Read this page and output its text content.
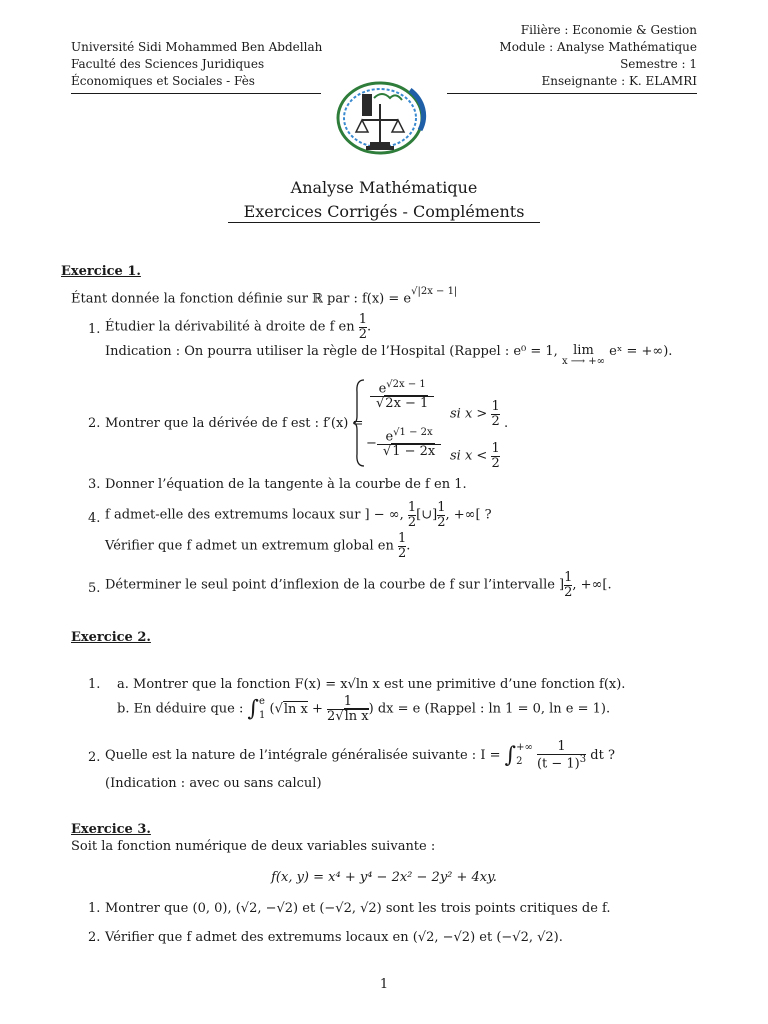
Université Sidi Mohammed Ben Abdellah
Faculté des Sciences Juridiques
Économiques et Sociales - Fès
Filière : Economie & Gestion
Module : Analyse Mathématique
Semestre : 1
Enseignante : K. ELAMRI
Analyse Mathématique
Exercices Corrigés - Compléments
Exercice 1.
Étant donnée la fonction définie sur ℝ par : $f(x) = e^{√|2x - 1|}$
1. Étudier la dérivabilité à droite de f en $\frac{1}{2}$ .
Indication : On pourra utiliser la règle de l’Hospital (Rappel : e⁰ = 1,	lim
x ⟶ +∞
eˣ = +∞).
2. Montrer que la dérivée de f est : f′(x) =
$\frac{e^{√2x - 1}}{√2x - 1}$
si $x > \frac{1}{2}$
− $\frac{e^{√1 - 2x}}{√1 - 2x}$ si $x < \frac{1}{2}$
.
3. Donner l’équation de la tangente à la courbe de f en 1.
4. f admet-elle des extremums locaux sur ] − ∞, $\frac{1}{2}$ [∪] $\frac{1}{2}$ , +∞[ ?
Vérifier que f admet un extremum global en $\frac{1}{2}$ .
5. Déterminer le seul point d’inflexion de la courbe de f sur l’intervalle ] $\frac{1}{2}$ , +∞[.
Exercice 2.
1. a. Montrer que la fonction F(x) = x√ln x est une primitive d’une fonction f(x).
b. En déduire que : ∫ e
1 (√ln $x + \frac{1}{\text{2√ln x}}$ ) dx = e (Rappel : ln 1 = 0, ln e = 1).
2. Quelle est la nature de l’intégrale généralisée suivante : I = ∫ +∞
2
	$\frac{1}{(t - 1)^3}$ dt ?
(Indication : avec ou sans calcul)
Exercice 3.
Soit la fonction numérique de deux variables suivante :
f(x, y) = x⁴ + y⁴ − 2x² − 2y² + 4xy.
1. Montrer que (0, 0), (√2, −√2) et (−√2, √2) sont les trois points critiques de f.
2. Vérifier que f admet des extremums locaux en (√2, −√2) et (−√2, √2).
1
